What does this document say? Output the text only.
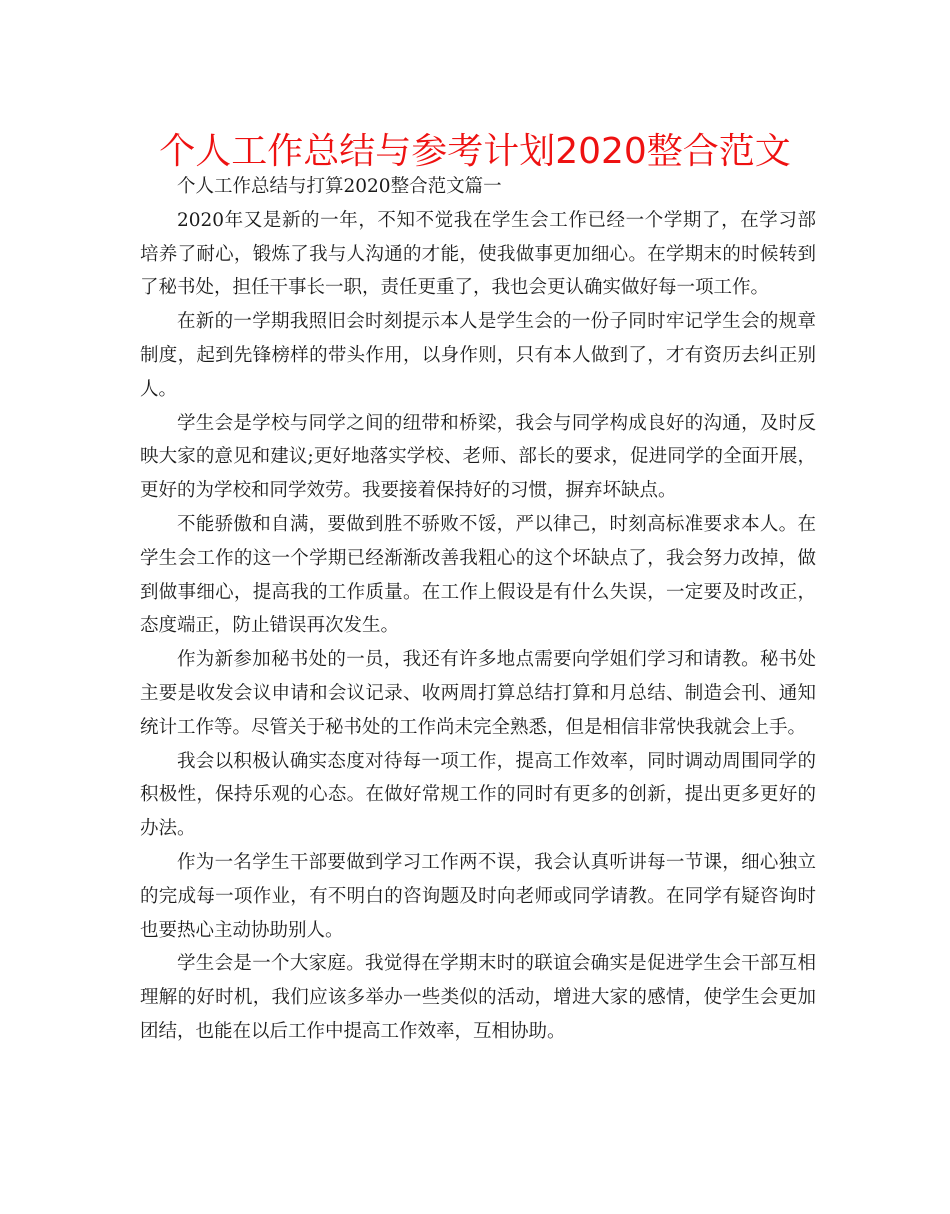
个人工作总结与参考计划2020整合范文

个人工作总结与打算2020整合范文篇一

2020年又是新的一年，不知不觉我在学生会工作已经一个学期了，在学习部培养了耐心，锻炼了我与人沟通的才能，使我做事更加细心。在学期末的时候转到了秘书处，担任干事长一职，责任更重了，我也会更认确实做好每一项工作。

在新的一学期我照旧会时刻提示本人是学生会的一份子同时牢记学生会的规章制度，起到先锋榜样的带头作用，以身作则，只有本人做到了，才有资历去纠正别人。

学生会是学校与同学之间的纽带和桥梁，我会与同学构成良好的沟通，及时反映大家的意见和建议;更好地落实学校、老师、部长的要求，促进同学的全面开展，更好的为学校和同学效劳。我要接着保持好的习惯，摒弃坏缺点。

不能骄傲和自满，要做到胜不骄败不馁，严以律己，时刻高标准要求本人。在学生会工作的这一个学期已经渐渐改善我粗心的这个坏缺点了，我会努力改掉，做到做事细心，提高我的工作质量。在工作上假设是有什么失误，一定要及时改正，态度端正，防止错误再次发生。

作为新参加秘书处的一员，我还有许多地点需要向学姐们学习和请教。秘书处主要是收发会议申请和会议记录、收两周打算总结打算和月总结、制造会刊、通知统计工作等。尽管关于秘书处的工作尚未完全熟悉，但是相信非常快我就会上手。

我会以积极认确实态度对待每一项工作，提高工作效率，同时调动周围同学的积极性，保持乐观的心态。在做好常规工作的同时有更多的创新，提出更多更好的办法。

作为一名学生干部要做到学习工作两不误，我会认真听讲每一节课，细心独立的完成每一项作业，有不明白的咨询题及时向老师或同学请教。在同学有疑咨询时也要热心主动协助别人。

学生会是一个大家庭。我觉得在学期末时的联谊会确实是促进学生会干部互相理解的好时机，我们应该多举办一些类似的活动，增进大家的感情，使学生会更加团结，也能在以后工作中提高工作效率，互相协助。
